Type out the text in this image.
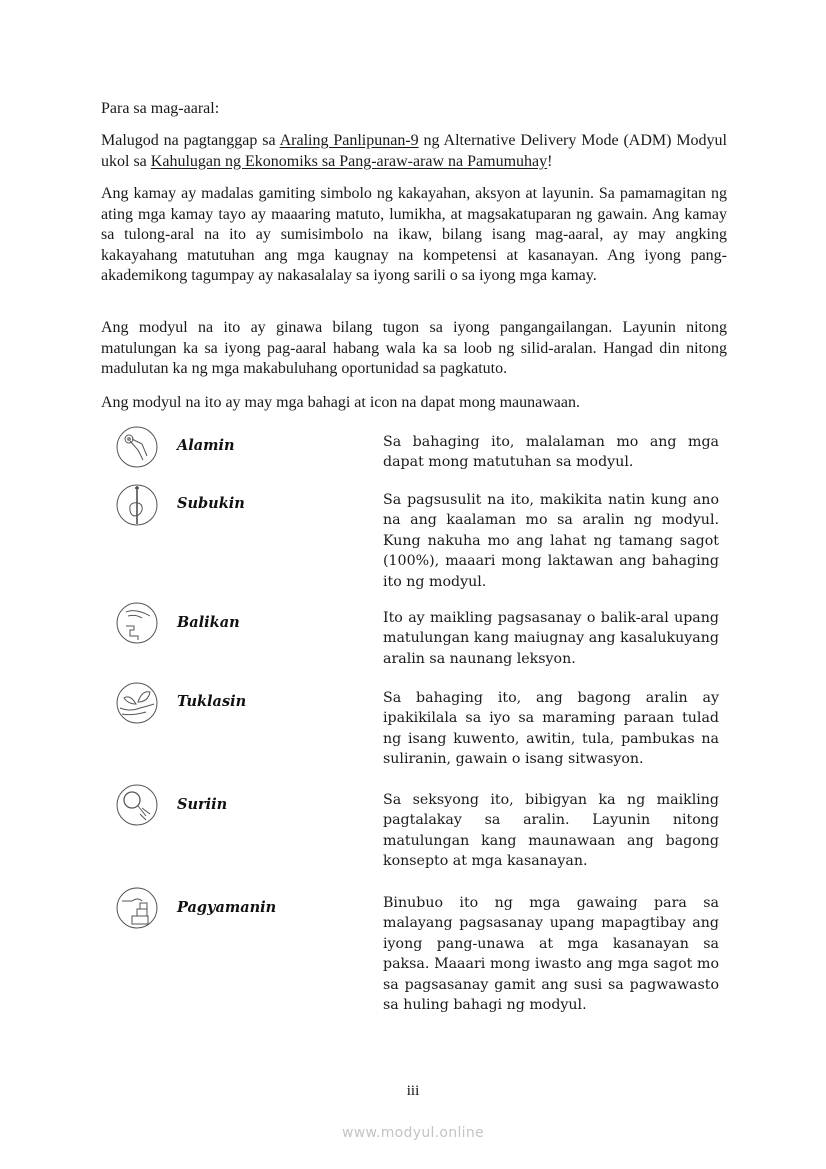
Para sa mag-aaral:

Malugod na pagtanggap sa Araling Panlipunan-9 ng Alternative Delivery Mode (ADM) Modyul ukol sa Kahulugan ng Ekonomiks sa Pang-araw-araw na Pamumuhay!

Ang kamay ay madalas gamiting simbolo ng kakayahan, aksyon at layunin. Sa pamamagitan ng ating mga kamay tayo ay maaaring matuto, lumikha, at magsakatuparan ng gawain. Ang kamay sa tulong-aral na ito ay sumisimbolo na ikaw, bilang isang mag-aaral, ay may angking kakayahang matutuhan ang mga kaugnay na kompetensi at kasanayan. Ang iyong pang-akademikong tagumpay ay nakasalalay sa iyong sarili o sa iyong mga kamay.

Ang modyul na ito ay ginawa bilang tugon sa iyong pangangailangan. Layunin nitong matulungan ka sa iyong pag-aaral habang wala ka sa loob ng silid-aralan. Hangad din nitong madulutan ka ng mga makabuluhang oportunidad sa pagkatuto.

Ang modyul na ito ay may mga bahagi at icon na dapat mong maunawaan.

Alamin	Sa bahaging ito, malalaman mo ang mga dapat mong matutuhan sa modyul.

Subukin	Sa pagsusulit na ito, makikita natin kung ano na ang kaalaman mo sa aralin ng modyul. Kung nakuha mo ang lahat ng tamang sagot (100%), maaari mong laktawan ang bahaging ito ng modyul.

Balikan	Ito ay maikling pagsasanay o balik-aral upang matulungan kang maiugnay ang kasalukuyang aralin sa naunang leksyon.

Tuklasin	Sa bahaging ito, ang bagong aralin ay ipakikilala sa iyo sa maraming paraan tulad ng isang kuwento, awitin, tula, pambukas na suliranin, gawain o isang sitwasyon.

Suriin	Sa seksyong ito, bibigyan ka ng maikling pagtalakay sa aralin. Layunin nitong matulungan kang maunawaan ang bagong konsepto at mga kasanayan.

Pagyamanin	Binubuo ito ng mga gawaing para sa malayang pagsasanay upang mapagtibay ang iyong pang-unawa at mga kasanayan sa paksa. Maaari mong iwasto ang mga sagot mo sa pagsasanay gamit ang susi sa pagwawasto sa huling bahagi ng modyul.

iii
www.modyul.online
